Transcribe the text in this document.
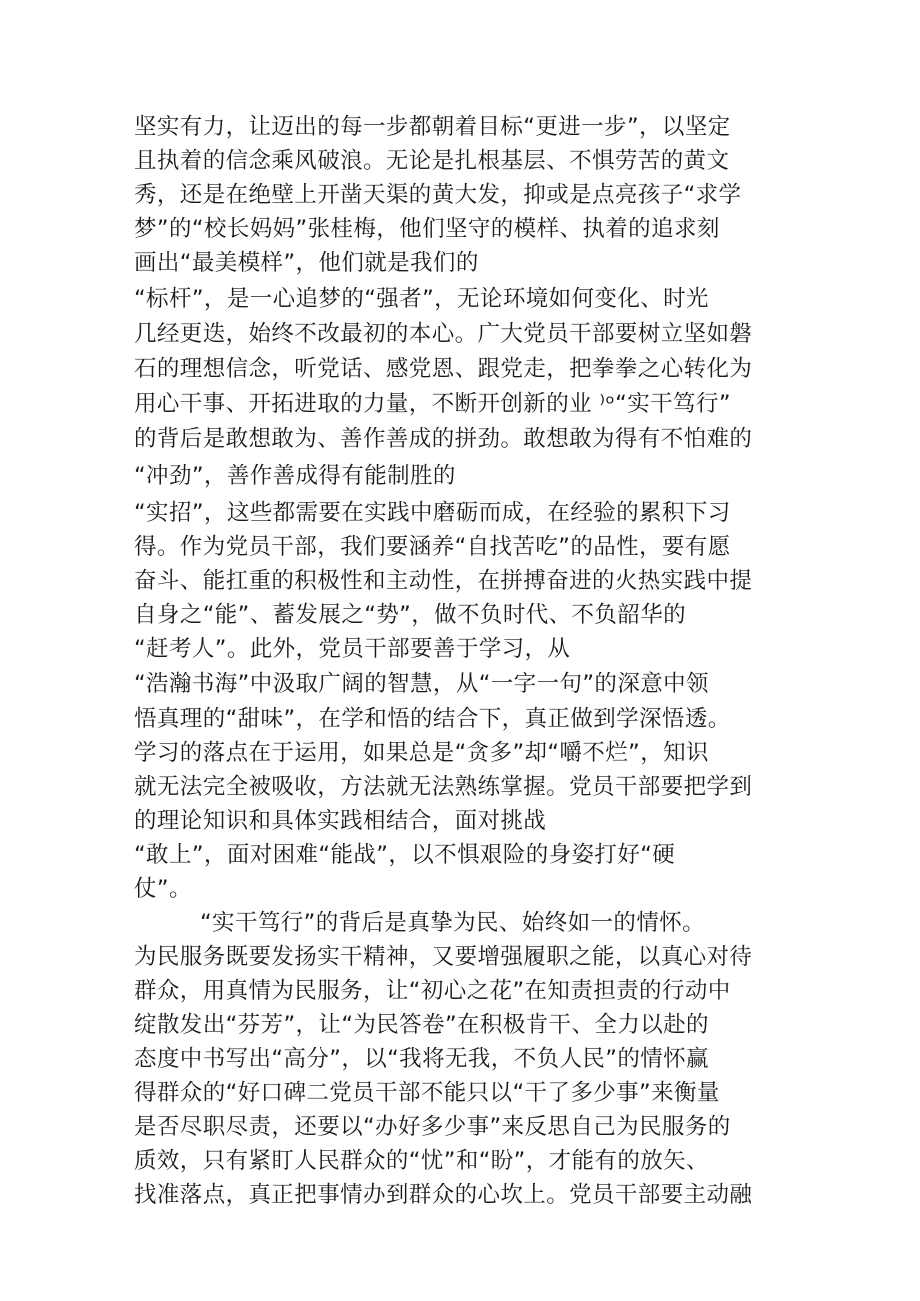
坚实有力，让迈出的每一步都朝着目标“更进一步”，以坚定
且执着的信念乘风破浪。无论是扎根基层、不惧劳苦的黄文
秀，还是在绝壁上开凿天渠的黄大发，抑或是点亮孩子“求学
梦”的“校长妈妈”张桂梅，他们坚守的模样、执着的追求刻
画出“最美模样”，他们就是我们的
“标杆”，是一心追梦的“强者”，无论环境如何变化、时光
几经更迭，始终不改最初的本心。广大党员干部要树立坚如磐
石的理想信念，听党话、感党恩、跟党走，把拳拳之心转化为
用心干事、开拓进取的力量，不断开创新的业 ⁾ᵒ“实干笃行”
的背后是敢想敢为、善作善成的拼劲。敢想敢为得有不怕难的
“冲劲”，善作善成得有能制胜的
“实招”，这些都需要在实践中磨砺而成，在经验的累积下习
得。作为党员干部，我们要涵养“自找苦吃”的品性，要有愿
奋斗、能扛重的积极性和主动性，在拼搏奋进的火热实践中提
自身之“能”、蓄发展之“势”，做不负时代、不负韶华的
“赶考人”。此外，党员干部要善于学习，从
“浩瀚书海”中汲取广阔的智慧，从“一字一句”的深意中领
悟真理的“甜味”，在学和悟的结合下，真正做到学深悟透。
学习的落点在于运用，如果总是“贪多”却“嚼不烂”，知识
就无法完全被吸收，方法就无法熟练掌握。党员干部要把学到
的理论知识和具体实践相结合，面对挑战
“敢上”，面对困难“能战”，以不惧艰险的身姿打好“硬
仗”。
“实干笃行”的背后是真挚为民、始终如一的情怀。
为民服务既要发扬实干精神，又要增强履职之能，以真心对待
群众，用真情为民服务，让“初心之花”在知责担责的行动中
绽散发出“芬芳”，让“为民答卷”在积极肯干、全力以赴的
态度中书写出“高分”，以“我将无我，不负人民”的情怀赢
得群众的“好口碑二党员干部不能只以“干了多少事”来衡量
是否尽职尽责，还要以“办好多少事”来反思自己为民服务的
质效，只有紧盯人民群众的“忧”和“盼”，才能有的放矢、
找准落点，真正把事情办到群众的心坎上。党员干部要主动融
